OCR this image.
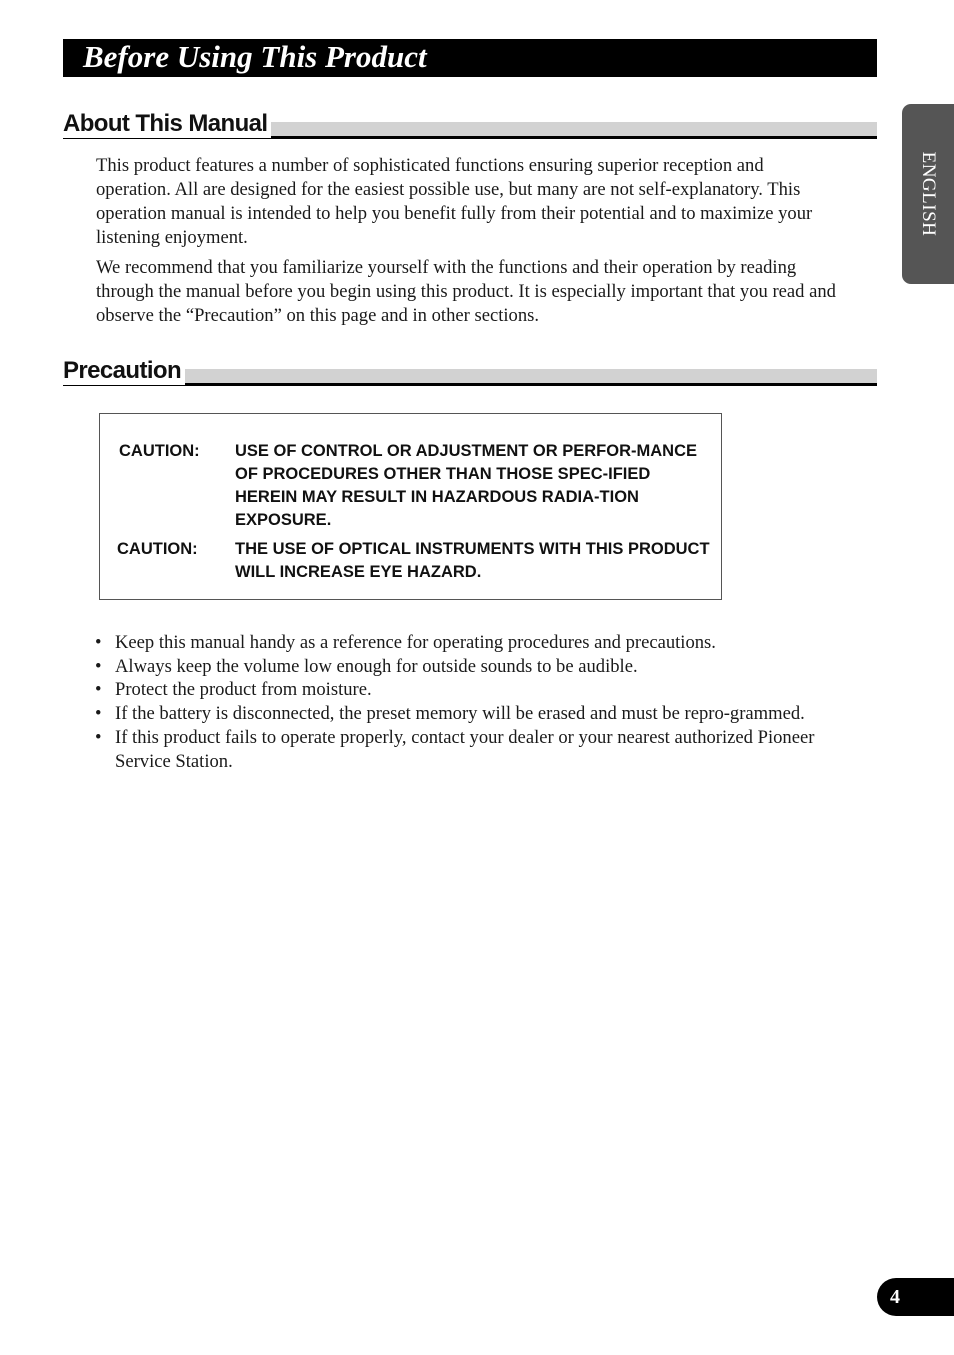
Before Using This Product
ENGLISH
About This Manual

This product features a number of sophisticated functions ensuring superior reception and operation. All are designed for the easiest possible use, but many are not self-explanatory. This operation manual is intended to help you benefit fully from their potential and to maximize your listening enjoyment.

We recommend that you familiarize yourself with the functions and their operation by reading through the manual before you begin using this product. It is especially important that you read and observe the “Precaution” on this page and in other sections.

Precaution
CAUTION: USE OF CONTROL OR ADJUSTMENT OR PERFOR-MANCE OF PROCEDURES OTHER THAN THOSE SPEC-IFIED HEREIN MAY RESULT IN HAZARDOUS RADIA-TION EXPOSURE.

CAUTION: THE USE OF OPTICAL INSTRUMENTS WITH THIS PRODUCT WILL INCREASE EYE HAZARD.

• Keep this manual handy as a reference for operating procedures and precautions.
• Always keep the volume low enough for outside sounds to be audible.
• Protect the product from moisture.
• If the battery is disconnected, the preset memory will be erased and must be repro-grammed.
• If this product fails to operate properly, contact your dealer or your nearest authorized Pioneer Service Station.
4
